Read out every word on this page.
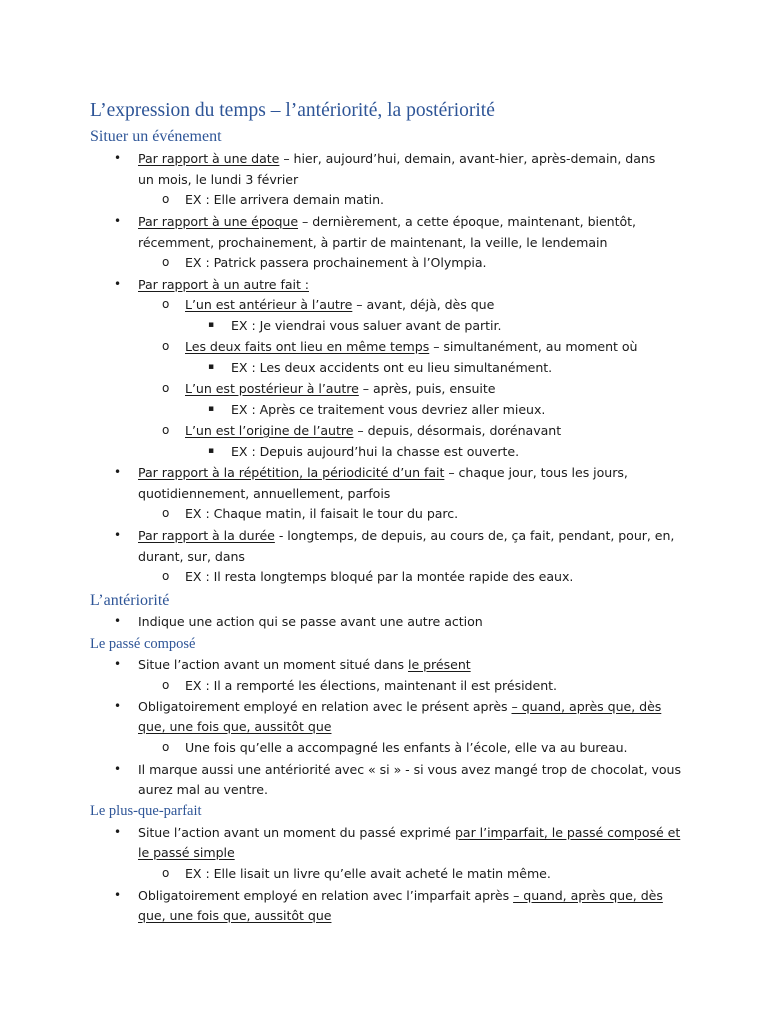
L’expression du temps – l’antériorité, la postériorité
Situer un événement
• Par rapport à une date – hier, aujourd’hui, demain, avant-hier, après-demain, dans
un mois, le lundi 3 février
o EX : Elle arrivera demain matin.
• Par rapport à une époque – dernièrement, a cette époque, maintenant, bientôt,
récemment, prochainement, à partir de maintenant, la veille, le lendemain
o EX : Patrick passera prochainement à l’Olympia.
• Par rapport à un autre fait :
o L’un est antérieur à l’autre – avant, déjà, dès que
▪ EX : Je viendrai vous saluer avant de partir.
o Les deux faits ont lieu en même temps – simultanément, au moment où
▪ EX : Les deux accidents ont eu lieu simultanément.
o L’un est postérieur à l’autre – après, puis, ensuite
▪ EX : Après ce traitement vous devriez aller mieux.
o L’un est l’origine de l’autre – depuis, désormais, dorénavant
▪ EX : Depuis aujourd’hui la chasse est ouverte.
• Par rapport à la répétition, la périodicité d’un fait – chaque jour, tous les jours,
quotidiennement, annuellement, parfois
o EX : Chaque matin, il faisait le tour du parc.
• Par rapport à la durée - longtemps, de depuis, au cours de, ça fait, pendant, pour, en,
durant, sur, dans
o EX : Il resta longtemps bloqué par la montée rapide des eaux.
L’antériorité
• Indique une action qui se passe avant une autre action
Le passé composé
• Situe l’action avant un moment situé dans le présent
o EX : Il a remporté les élections, maintenant il est président.
• Obligatoirement employé en relation avec le présent après – quand, après que, dès
que, une fois que, aussitôt que
o Une fois qu’elle a accompagné les enfants à l’école, elle va au bureau.
• Il marque aussi une antériorité avec « si » - si vous avez mangé trop de chocolat, vous
aurez mal au ventre.
Le plus-que-parfait
• Situe l’action avant un moment du passé exprimé par l’imparfait, le passé composé et
le passé simple
o EX : Elle lisait un livre qu’elle avait acheté le matin même.
• Obligatoirement employé en relation avec l’imparfait après – quand, après que, dès
que, une fois que, aussitôt que
